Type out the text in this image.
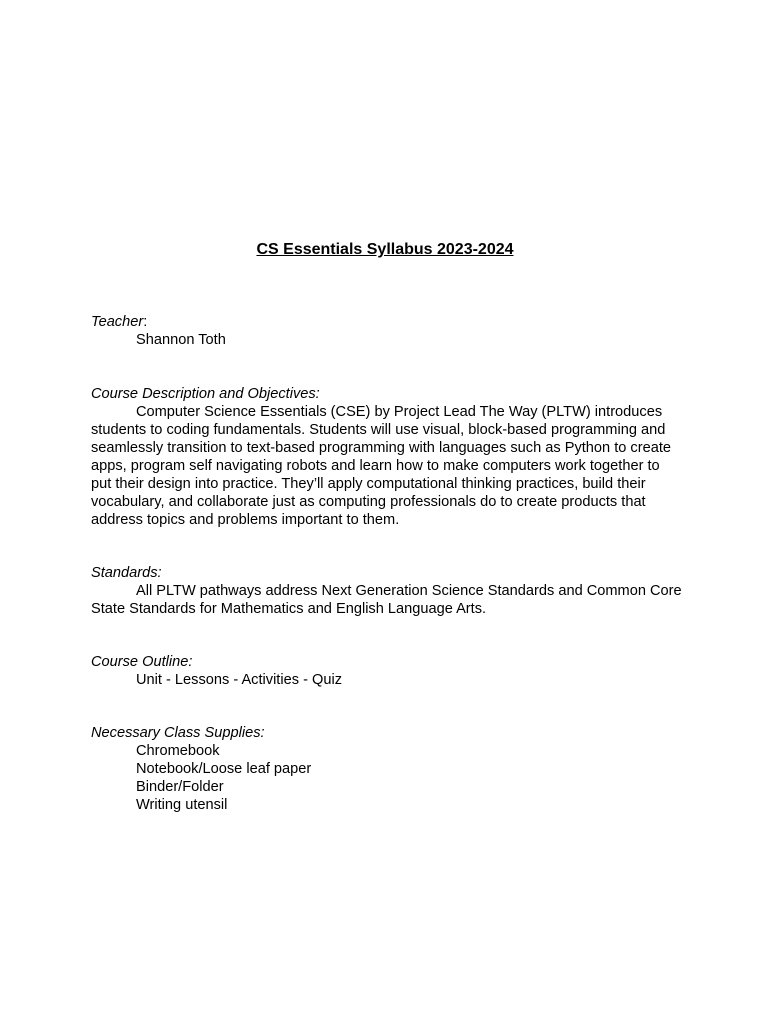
CS Essentials Syllabus 2023-2024
Teacher:
Shannon Toth
Course Description and Objectives:
Computer Science Essentials (CSE) by Project Lead The Way (PLTW) introduces students to coding fundamentals. Students will use visual, block-based programming and seamlessly transition to text-based programming with languages such as Python to create apps, program self navigating robots and learn how to make computers work together to put their design into practice. They’ll apply computational thinking practices, build their vocabulary, and collaborate just as computing professionals do to create products that address topics and problems important to them.
Standards:
All PLTW pathways address Next Generation Science Standards and Common Core State Standards for Mathematics and English Language Arts.
Course Outline:
Unit - Lessons - Activities - Quiz
Necessary Class Supplies:
Chromebook
Notebook/Loose leaf paper
Binder/Folder
Writing utensil
